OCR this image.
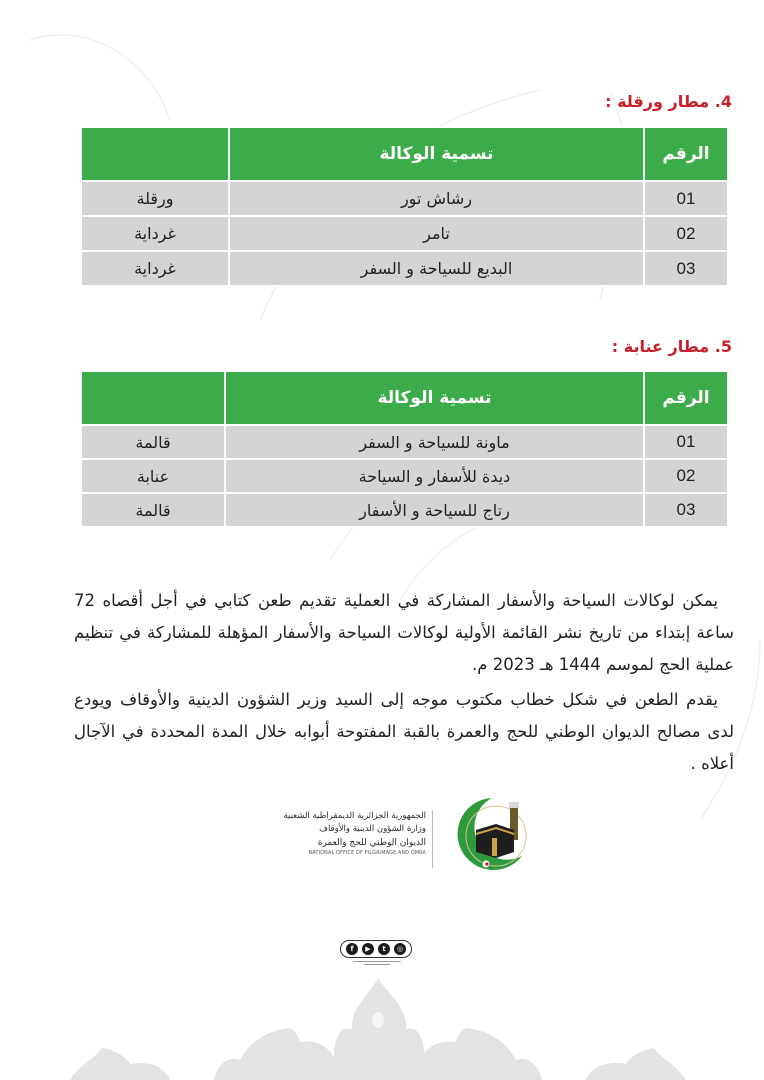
4. مطار ورقلة :
الرقم	تسمية الوكالة	
01	رشاش تور	ورقلة
02	تامر	غرداية
03	البديع للسياحة و السفر	غرداية
5. مطار عنابة :
الرقم	تسمية الوكالة	
01	ماونة للسياحة و السفر	قالمة
02	ديدة للأسفار و السياحة	عنابة
03	رتاج للسياحة و الأسفار	قالمة

يمكن لوكالات السياحة والأسفار المشاركة في العملية تقديم طعن كتابي في أجل أقصاه 72 ساعة إبتداء من تاريخ نشر القائمة الأولية لوكالات السياحة والأسفار المؤهلة للمشاركة في تنظيم عملية الحج لموسم 1444 هـ 2023 م.

يقدم الطعن في شكل خطاب مكتوب موجه إلى السيد وزير الشؤون الدينية والأوقاف ويودع لدى مصالح الديوان الوطني للحج والعمرة بالقبة المفتوحة أبوابه خلال المدة المحددة في الآجال أعلاه .

الجمهورية الجزائرية الديمقراطية الشعبية
وزارة الشؤون الدينية والأوقاف
الديوان الوطني للحج والعمرة
NATIONAL OFFICE OF PILGRIMAGE AND OMRA
f	▶	t	◎
